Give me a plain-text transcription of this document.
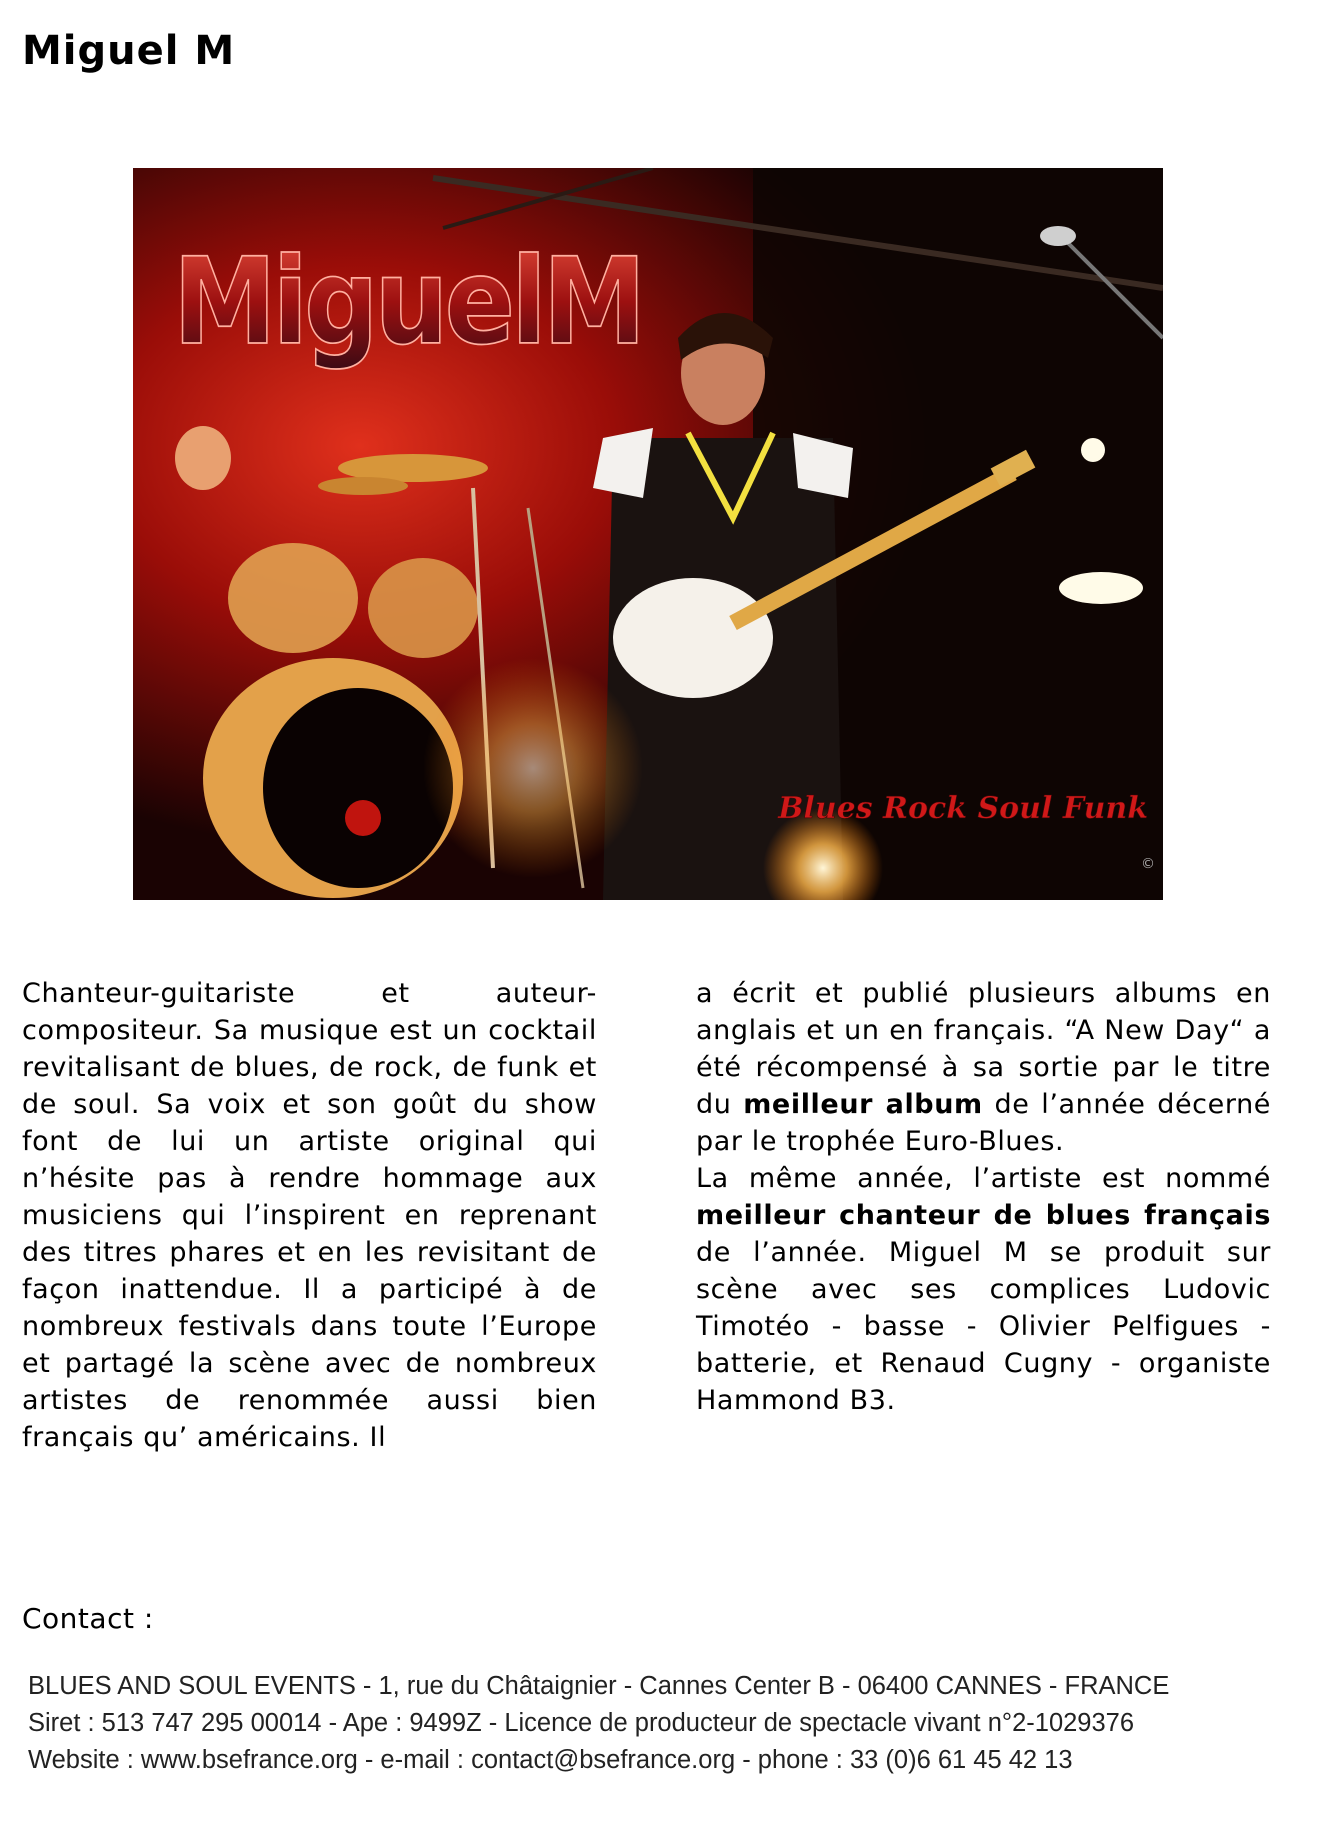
Miguel M
MiguelM
Blues Rock Soul Funk
©

Chanteur-guitariste et auteur-compositeur. Sa musique est un cocktail revitalisant de blues, de rock, de funk et de soul. Sa voix et son goût du show font de lui un artiste original qui n’hésite pas à rendre hommage aux musiciens qui l’inspirent en reprenant des titres phares et en les revisitant de façon inattendue. Il a participé à de nombreux festivals dans toute l’Europe et partagé la scène avec de nombreux artistes de renommée aussi bien français qu’ américains. Il

a écrit et publié plusieurs albums en anglais et un en français. “A New Day“ a été récompensé à sa sortie par le titre du meilleur album de l’année décerné par le trophée Euro-Blues.

La même année, l’artiste est nommé meilleur chanteur de blues français de l’année. Miguel M se produit sur scène avec ses complices Ludovic Timotéo - basse - Olivier Pelfigues - batterie, et Renaud Cugny - organiste Hammond B3.

Contact :
BLUES AND SOUL EVENTS - 1, rue du Châtaignier - Cannes Center B - 06400 CANNES - FRANCE
Siret : 513 747 295 00014 - Ape : 9499Z - Licence de producteur de spectacle vivant n°2-1029376
Website : www.bsefrance.org - e-mail : contact@bsefrance.org - phone : 33 (0)6 61 45 42 13
